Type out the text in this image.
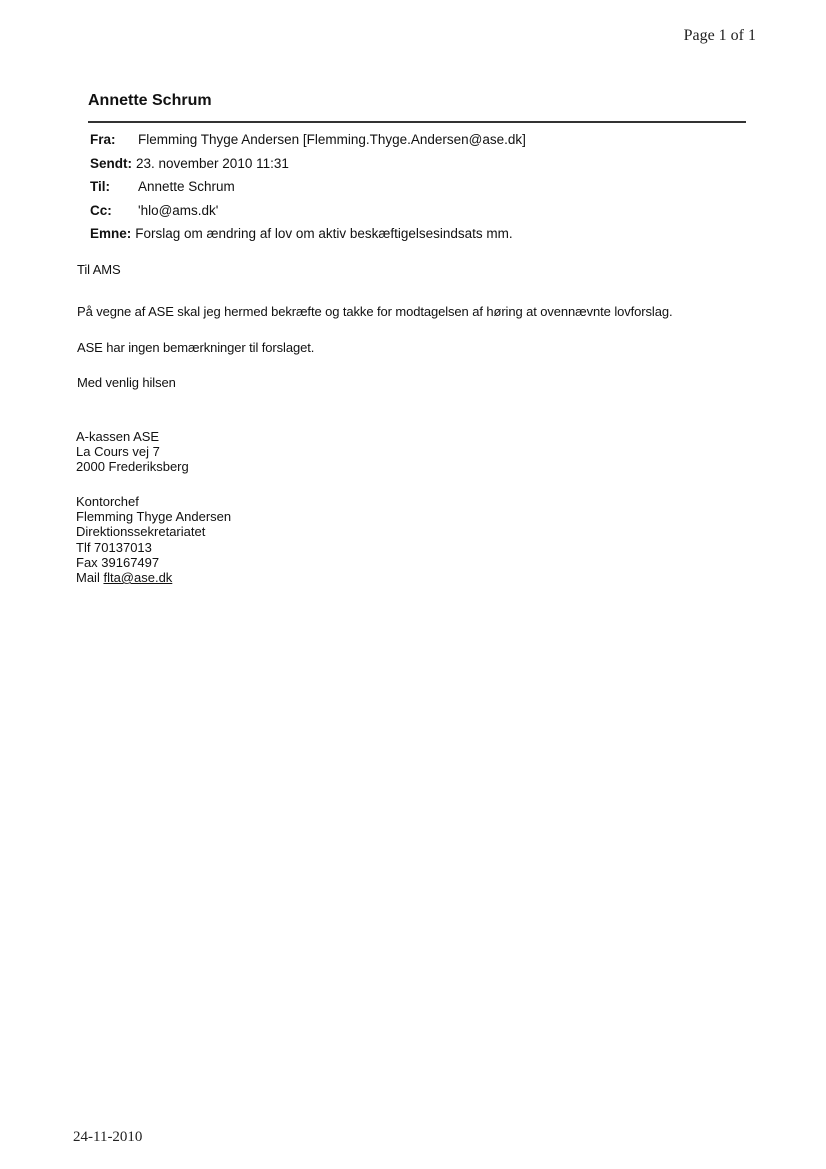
Page 1 of 1
Annette Schrum
Fra:	Flemming Thyge Andersen [Flemming.Thyge.Andersen@ase.dk]
Sendt: 23. november 2010 11:31
Til:	Annette Schrum
Cc:	'hlo@ams.dk'
Emne: Forslag om ændring af lov om aktiv beskæftigelsesindsats mm.
Til AMS
På vegne af ASE skal jeg hermed bekræfte og takke for modtagelsen af høring at ovennævnte lovforslag.
ASE har ingen bemærkninger til forslaget.
Med venlig hilsen
A-kassen ASE
La Cours vej 7
2000 Frederiksberg
Kontorchef
Flemming Thyge Andersen
Direktionssekretariatet
Tlf 70137013
Fax 39167497
Mail flta@ase.dk
24-11-2010
